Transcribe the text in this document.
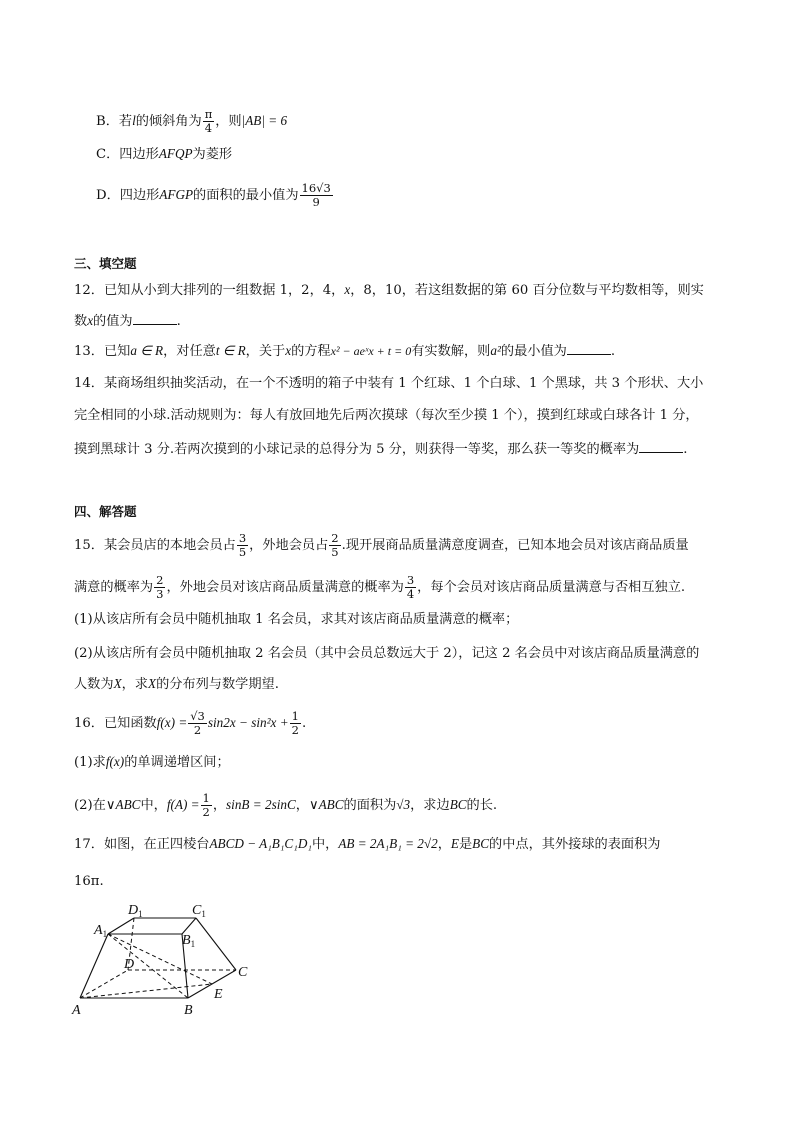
B．若l的倾斜角为 $\frac{\pi}{4}$ ，则|AB| = 6
C．四边形AFQP为菱形
D．四边形AFGP的面积的最小值为 $\frac{16√3}{9}$
三、填空题
12．已知从小到大排列的一组数据 1，2，4，x，8，10，若这组数据的第 60 百分位数与平均数相等，则实
数x的值为	.
13．已知a ∈ R，对任意t ∈ R，关于x的方程x² − aeˣx + t = 0有实数解，则a²的最小值为	.
14．某商场组织抽奖活动，在一个不透明的箱子中装有 1 个红球、1 个白球、1 个黑球，共 3 个形状、大小
完全相同的小球.活动规则为：每人有放回地先后两次摸球（每次至少摸 1 个），摸到红球或白球各计 1 分，
摸到黑球计 3 分.若两次摸到的小球记录的总得分为 5 分，则获得一等奖，那么获一等奖的概率为	.
四、解答题
15．某会员店的本地会员占 $\frac{3}{5}$ ，外地会员占 $\frac{2}{5}$ .现开展商品质量满意度调查，已知本地会员对该店商品质量
满意的概率为 $\frac{2}{3}$ ，外地会员对该店商品质量满意的概率为 $\frac{3}{4}$ ，每个会员对该店商品质量满意与否相互独立.
(1)从该店所有会员中随机抽取 1 名会员，求其对该店商品质量满意的概率；
(2)从该店所有会员中随机抽取 2 名会员（其中会员总数远大于 2），记这 2 名会员中对该店商品质量满意的
人数为X，求X的分布列与数学期望.
16．已知函数$f(x) = \frac{√3}{2} \sin 2x - \sin^2x + \frac{1}{2}$ .
(1)求f(x)的单调递增区间；
(2)在∨ABC中，$f(A) = \frac{1}{2}$ ，sinB = 2sinC，∨ABC的面积为√3，求边BC的长.
17．如图，在正四棱台ABCD − A₁B₁C₁D₁中，AB = 2A₁B₁ = 2√2，E是BC的中点，其外接球的表面积为
16π.
$A_1$
$D_1$	$C_1$
$B_1$
D
C
E
A	B
